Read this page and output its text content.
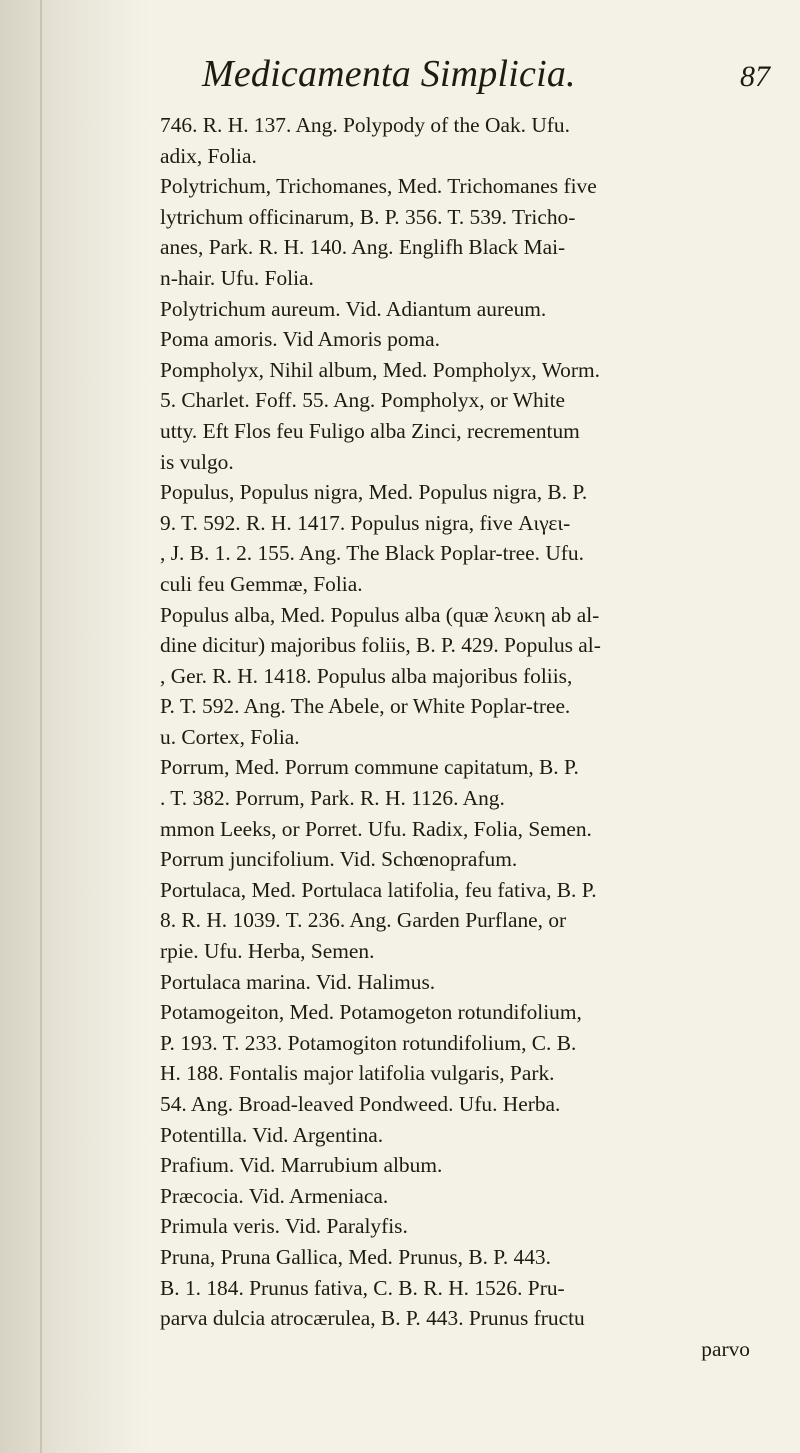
Medicamenta Simplicia.	87
746. R. H. 137. Ang. Polypody of the Oak. Ufu.
adix, Folia.
Polytrichum, Trichomanes, Med. Trichomanes five
lytrichum officinarum, B. P. 356. T. 539. Tricho-
anes, Park. R. H. 140. Ang. Englifh Black Mai-
n-hair. Ufu. Folia.
Polytrichum aureum. Vid. Adiantum aureum.
Poma amoris. Vid Amoris poma.
Pompholyx, Nihil album, Med. Pompholyx, Worm.
5. Charlet. Foff. 55. Ang. Pompholyx, or White
utty. Eft Flos feu Fuligo alba Zinci, recrementum
is vulgo.
Populus, Populus nigra, Med. Populus nigra, B. P.
9. T. 592. R. H. 1417. Populus nigra, five Αιγει-
, J. B. 1. 2. 155. Ang. The Black Poplar-tree. Ufu.
culi feu Gemmæ, Folia.
Populus alba, Med. Populus alba (quæ λευκη ab al-
dine dicitur) majoribus foliis, B. P. 429. Populus al-
, Ger. R. H. 1418. Populus alba majoribus foliis,
P. T. 592. Ang. The Abele, or White Poplar-tree.
u. Cortex, Folia.
Porrum, Med. Porrum commune capitatum, B. P.
. T. 382. Porrum, Park. R. H. 1126. Ang.
mmon Leeks, or Porret. Ufu. Radix, Folia, Semen.
Porrum juncifolium. Vid. Schœnoprafum.
Portulaca, Med. Portulaca latifolia, feu fativa, B. P.
8. R. H. 1039. T. 236. Ang. Garden Purflane, or
rpie. Ufu. Herba, Semen.
Portulaca marina. Vid. Halimus.
Potamogeiton, Med. Potamogeton rotundifolium,
P. 193. T. 233. Potamogiton rotundifolium, C. B.
H. 188. Fontalis major latifolia vulgaris, Park.
54. Ang. Broad-leaved Pondweed. Ufu. Herba.
Potentilla. Vid. Argentina.
Prafium. Vid. Marrubium album.
Præcocia. Vid. Armeniaca.
Primula veris. Vid. Paralyfis.
Pruna, Pruna Gallica, Med. Prunus, B. P. 443.
B. 1. 184. Prunus fativa, C. B. R. H. 1526. Pru-
parva dulcia atrocærulea, B. P. 443. Prunus fructu
parvo
